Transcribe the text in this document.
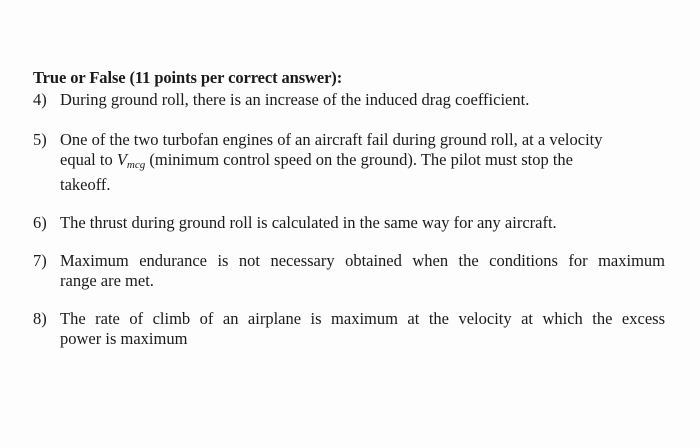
True or False (11 points per correct answer):
4) During ground roll, there is an increase of the induced drag coefficient.
5) One of the two turbofan engines of an aircraft fail during ground roll, at a velocity
equal to $V_{mcg}$ (minimum control speed on the ground). The pilot must stop the
takeoff.
6) The thrust during ground roll is calculated in the same way for any aircraft.
7) Maximum endurance is not necessary obtained when the conditions for maximum
range are met.
8) The rate of climb of an airplane is maximum at the velocity at which the excess
power is maximum
